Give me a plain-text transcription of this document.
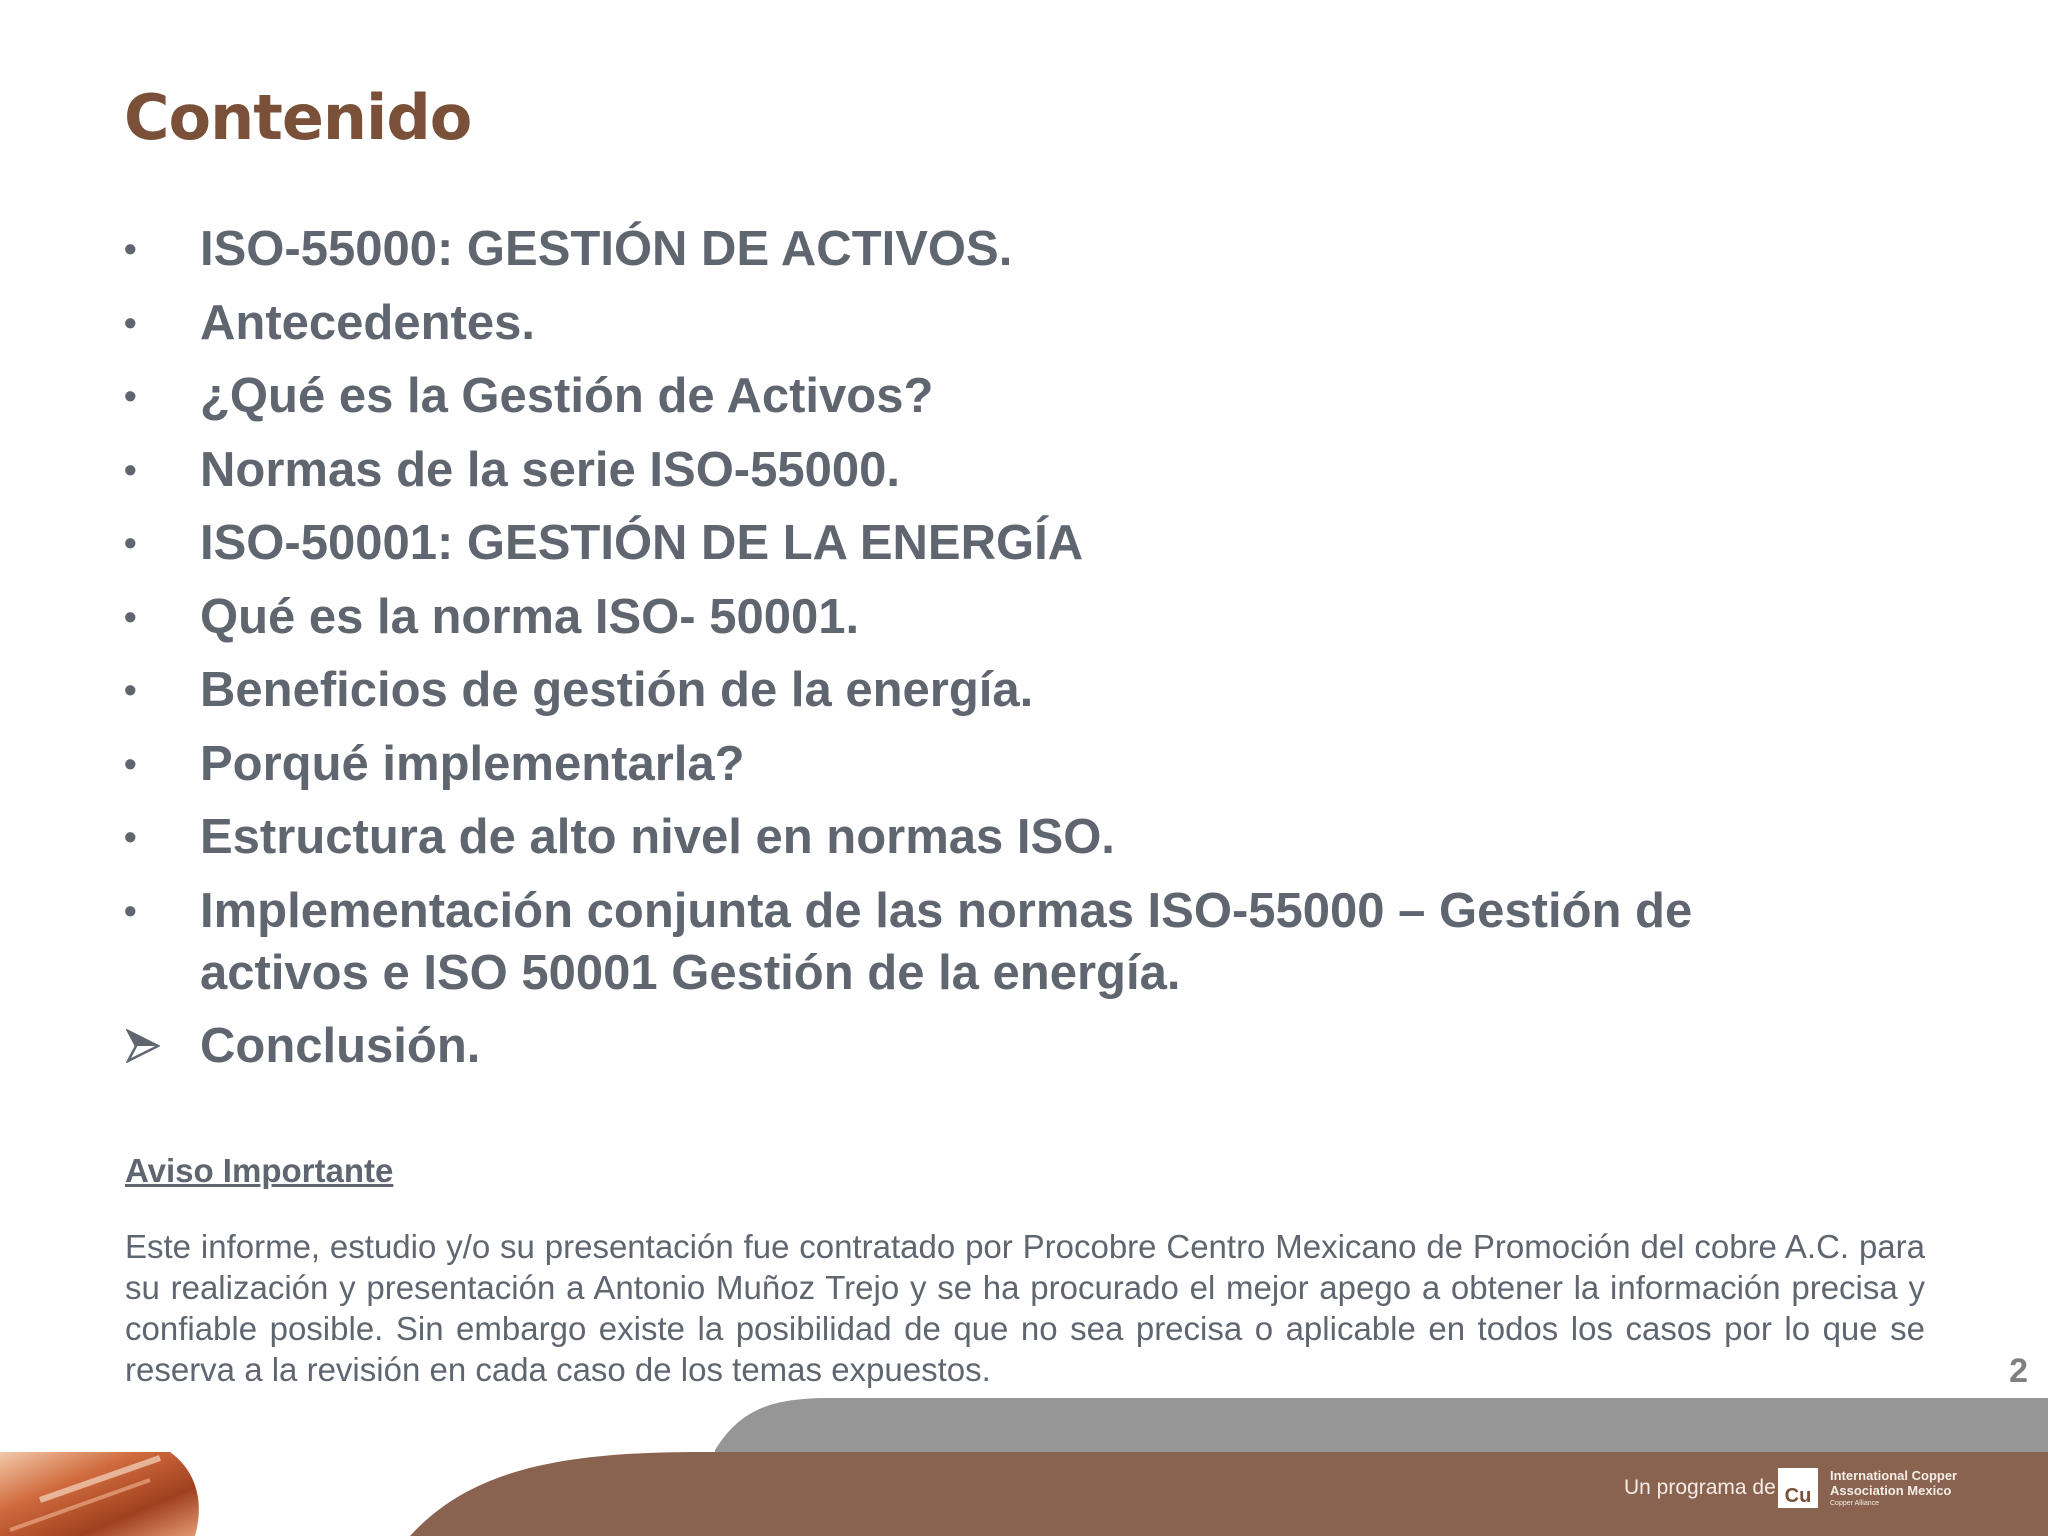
Contenido
•	ISO-55000: GESTIÓN DE ACTIVOS.
•	Antecedentes.
•	¿Qué es la Gestión de Activos?
•	Normas de la serie ISO-55000.
•	ISO-50001: GESTIÓN DE LA ENERGÍA
•	Qué es la norma ISO- 50001.
•	Beneficios de gestión de la energía.
•	Porqué implementarla?
•	Estructura de alto nivel en normas ISO.
•	Implementación conjunta de las normas ISO-55000 – Gestión de activos e ISO 50001 Gestión de la energía.
Conclusión.

Aviso Importante

Este informe, estudio y/o su presentación fue contratado por Procobre Centro Mexicano de Promoción del cobre A.C. para su realización y presentación a Antonio Muñoz Trejo y se ha procurado el mejor apego a obtener la información precisa y confiable posible. Sin embargo existe la posibilidad de que no sea precisa o aplicable en todos los casos por lo que se reserva a la revisión en cada caso de los temas expuestos.	2
Un programa de Cu
International Copper Association Mexico
Copper Alliance
